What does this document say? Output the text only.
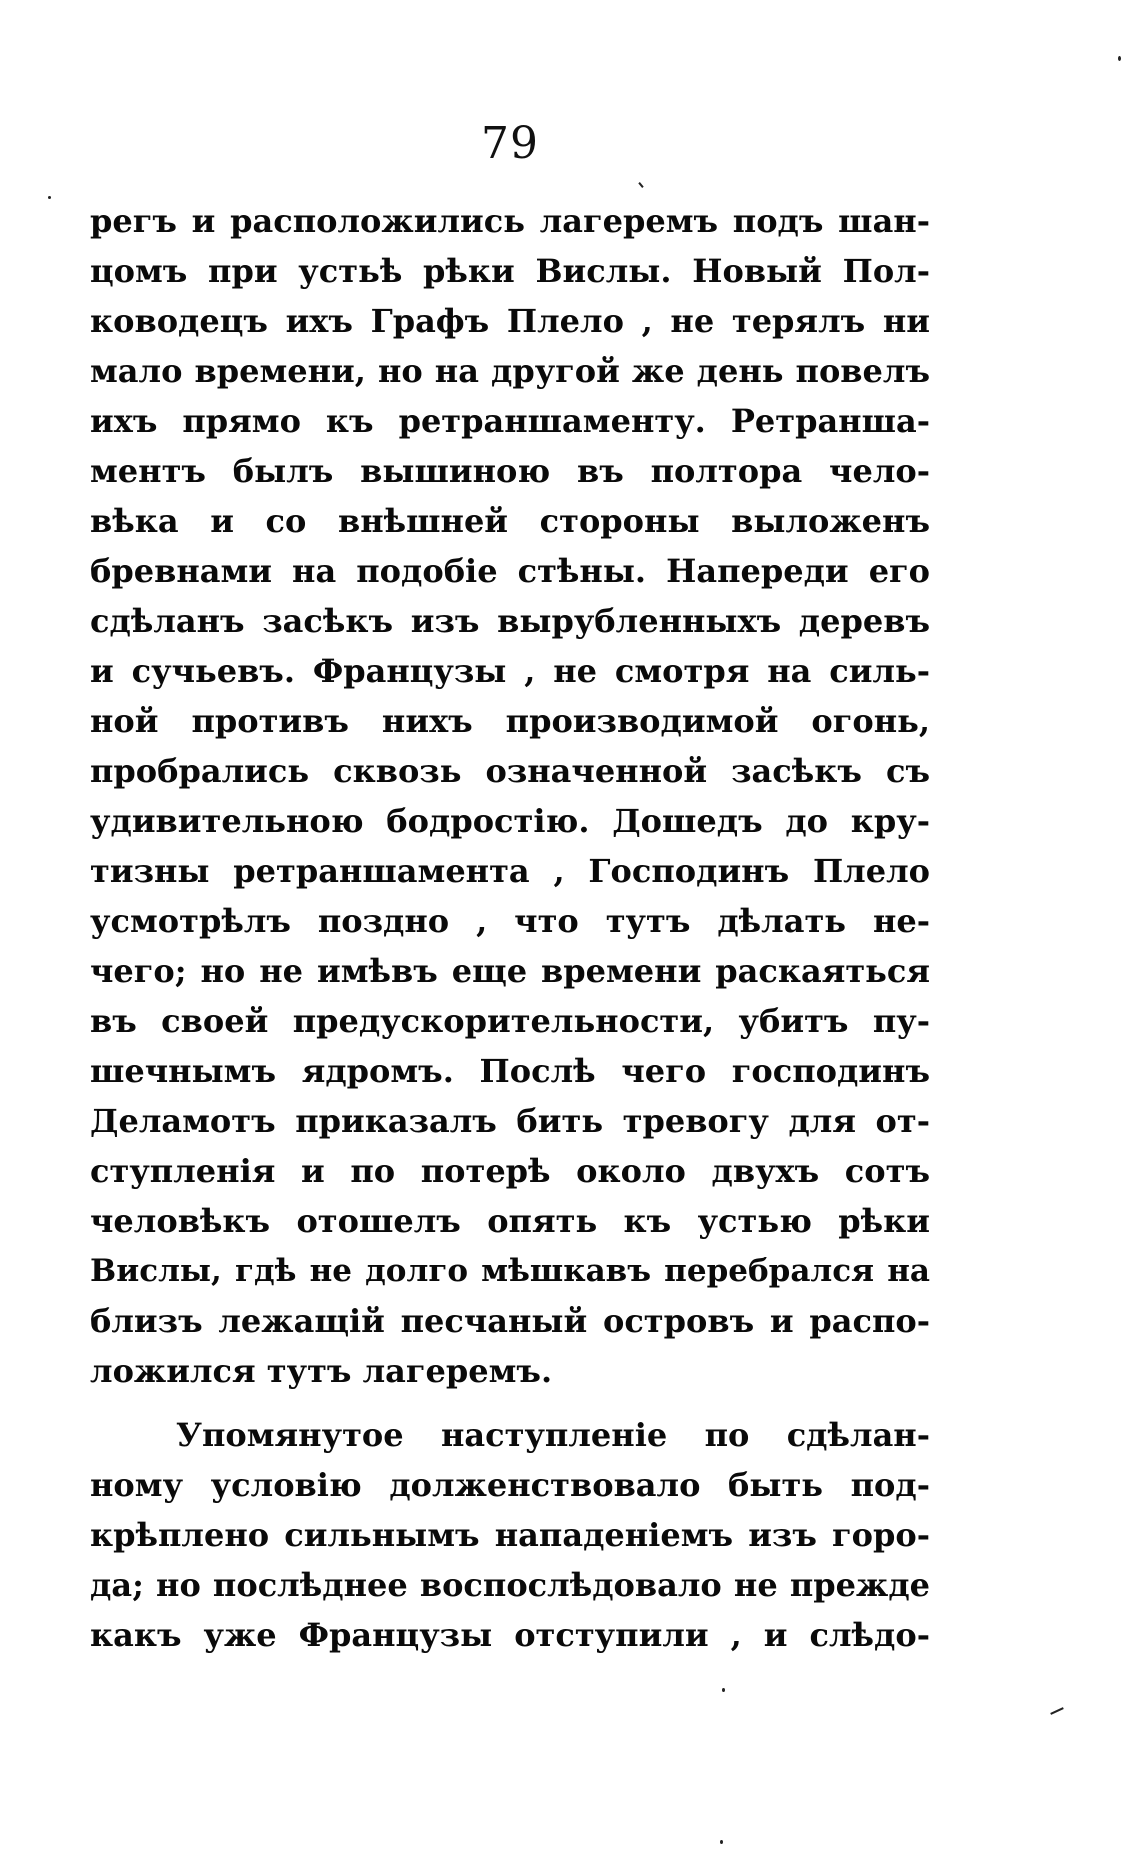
79
регъ и расположились лагеремъ подъ шан-
цомъ при устьѣ рѣки Вислы. Новый Пол-
ководецъ ихъ Графъ Плело , не терялъ ни
мало времени, но на другой же день повелъ
ихъ прямо къ ретраншаменту. Ретранша-
ментъ былъ вышиною въ полтора чело-
вѣка и со внѣшней стороны выложенъ
бревнами на подобіе стѣны. Напереди его
сдѣланъ засѣкъ изъ вырубленныхъ деревъ
и сучьевъ. Французы , не смотря на силь-
ной противъ нихъ производимой огонь,
пробрались сквозь означенной засѣкъ съ
удивительною бодростію. Дошедъ до кру-
тизны ретраншамента , Господинъ Плело
усмотрѣлъ поздно , что тутъ дѣлать не-
чего; но не имѣвъ еще времени раскаяться
въ своей предускорительности, убитъ пу-
шечнымъ ядромъ. Послѣ чего господинъ
Деламотъ приказалъ бить тревогу для от-
ступленія и по потерѣ около двухъ сотъ
человѣкъ отошелъ опять къ устью рѣки
Вислы, гдѣ не долго мѣшкавъ перебрался на
близъ лежащій песчаный островъ и распо-
ложился тутъ лагеремъ.
Упомянутое наступленіе по сдѣлан-
ному условію долженствовало быть под-
крѣплено сильнымъ нападеніемъ изъ горо-
да; но послѣднее воспослѣдовало не прежде
какъ уже Французы отступили , и слѣдо-
